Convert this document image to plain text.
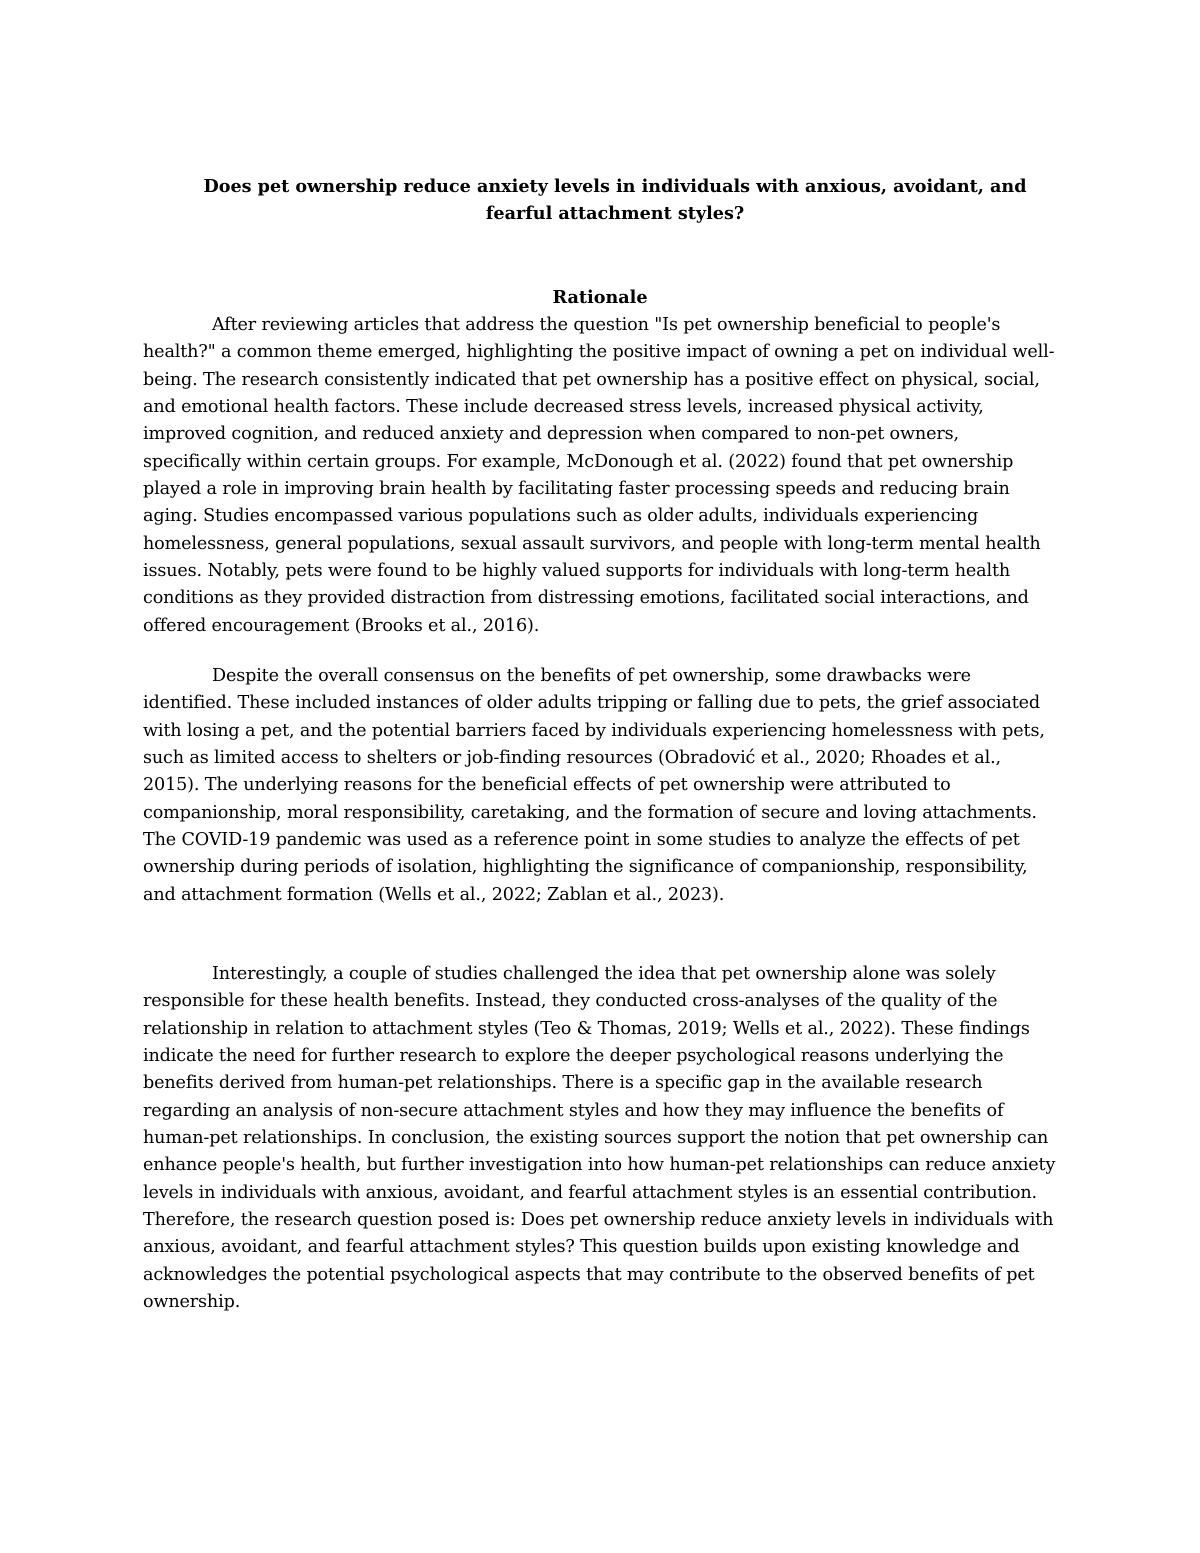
Does pet ownership reduce anxiety levels in individuals with anxious, avoidant, and fearful attachment styles?
Rationale

After reviewing articles that address the question "Is pet ownership beneficial to people's health?" a common theme emerged, highlighting the positive impact of owning a pet on individual well-being. The research consistently indicated that pet ownership has a positive effect on physical, social, and emotional health factors. These include decreased stress levels, increased physical activity, improved cognition, and reduced anxiety and depression when compared to non-pet owners, specifically within certain groups. For example, McDonough et al. (2022) found that pet ownership played a role in improving brain health by facilitating faster processing speeds and reducing brain aging. Studies encompassed various populations such as older adults, individuals experiencing homelessness, general populations, sexual assault survivors, and people with long-term mental health issues. Notably, pets were found to be highly valued supports for individuals with long-term health conditions as they provided distraction from distressing emotions, facilitated social interactions, and offered encouragement (Brooks et al., 2016).

Despite the overall consensus on the benefits of pet ownership, some drawbacks were identified. These included instances of older adults tripping or falling due to pets, the grief associated with losing a pet, and the potential barriers faced by individuals experiencing homelessness with pets, such as limited access to shelters or job-finding resources (Obradović et al., 2020; Rhoades et al., 2015). The underlying reasons for the beneficial effects of pet ownership were attributed to companionship, moral responsibility, caretaking, and the formation of secure and loving attachments. The COVID-19 pandemic was used as a reference point in some studies to analyze the effects of pet ownership during periods of isolation, highlighting the significance of companionship, responsibility, and attachment formation (Wells et al., 2022; Zablan et al., 2023).

Interestingly, a couple of studies challenged the idea that pet ownership alone was solely responsible for these health benefits. Instead, they conducted cross-analyses of the quality of the relationship in relation to attachment styles (Teo & Thomas, 2019; Wells et al., 2022). These findings indicate the need for further research to explore the deeper psychological reasons underlying the benefits derived from human-pet relationships. There is a specific gap in the available research regarding an analysis of non-secure attachment styles and how they may influence the benefits of human-pet relationships. In conclusion, the existing sources support the notion that pet ownership can enhance people's health, but further investigation into how human-pet relationships can reduce anxiety levels in individuals with anxious, avoidant, and fearful attachment styles is an essential contribution. Therefore, the research question posed is: Does pet ownership reduce anxiety levels in individuals with anxious, avoidant, and fearful attachment styles? This question builds upon existing knowledge and acknowledges the potential psychological aspects that may contribute to the observed benefits of pet ownership.
